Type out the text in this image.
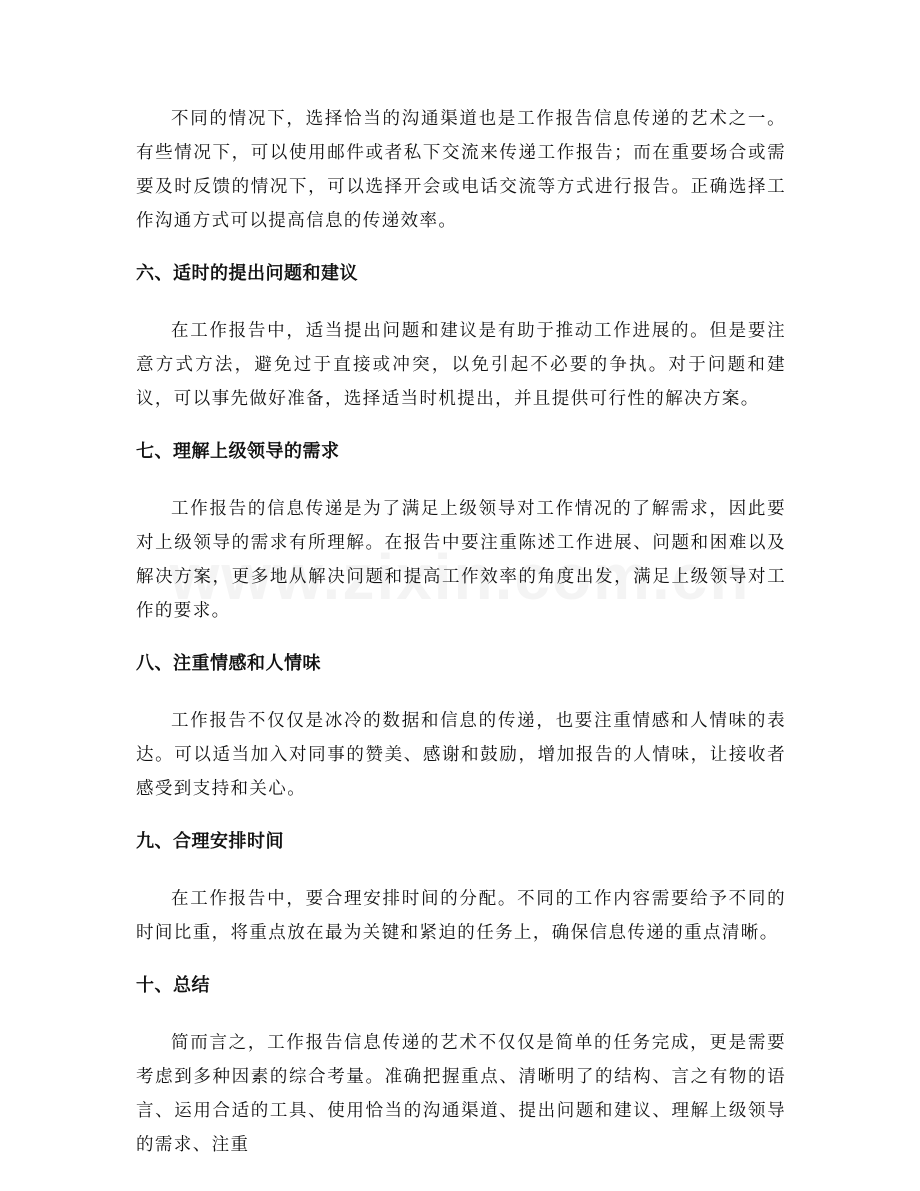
不同的情况下，选择恰当的沟通渠道也是工作报告信息传递的艺术之一。有些情况下，可以使用邮件或者私下交流来传递工作报告；而在重要场合或需要及时反馈的情况下，可以选择开会或电话交流等方式进行报告。正确选择工作沟通方式可以提高信息的传递效率。

六、适时的提出问题和建议

在工作报告中，适当提出问题和建议是有助于推动工作进展的。但是要注意方式方法，避免过于直接或冲突，以免引起不必要的争执。对于问题和建议，可以事先做好准备，选择适当时机提出，并且提供可行性的解决方案。

七、理解上级领导的需求

工作报告的信息传递是为了满足上级领导对工作情况的了解需求，因此要对上级领导的需求有所理解。在报告中要注重陈述工作进展、问题和困难以及解决方案，更多地从解决问题和提高工作效率的角度出发，满足上级领导对工作的要求。

八、注重情感和人情味

工作报告不仅仅是冰冷的数据和信息的传递，也要注重情感和人情味的表达。可以适当加入对同事的赞美、感谢和鼓励，增加报告的人情味，让接收者感受到支持和关心。

九、合理安排时间

在工作报告中，要合理安排时间的分配。不同的工作内容需要给予不同的时间比重，将重点放在最为关键和紧迫的任务上，确保信息传递的重点清晰。

十、总结

简而言之，工作报告信息传递的艺术不仅仅是简单的任务完成，更是需要考虑到多种因素的综合考量。准确把握重点、清晰明了的结构、言之有物的语言、运用合适的工具、使用恰当的沟通渠道、提出问题和建议、理解上级领导的需求、注重
